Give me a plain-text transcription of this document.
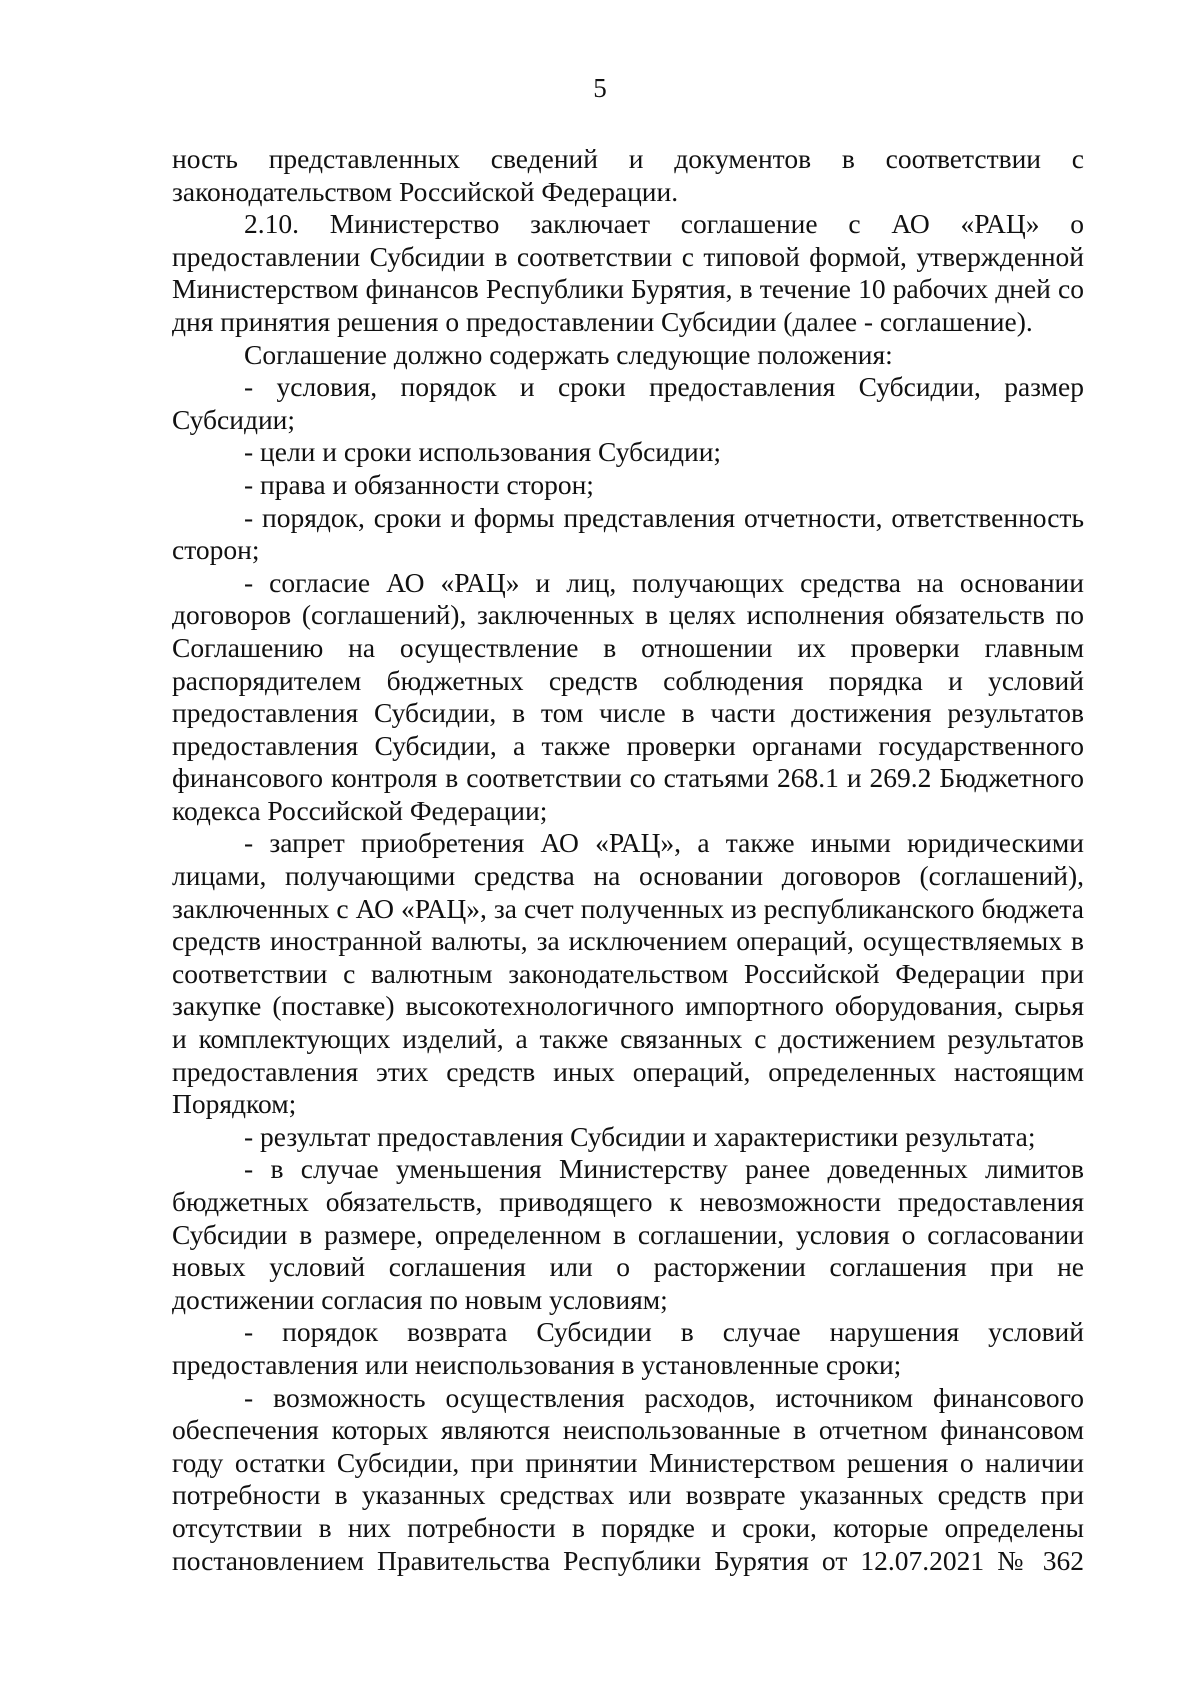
5

ность представленных сведений и документов в соответствии с законодательством Российской Федерации.

2.10. Министерство заключает соглашение с АО «РАЦ» о предоставлении Субсидии в соответствии с типовой формой, утвержденной Министерством финансов Республики Бурятия, в течение 10 рабочих дней со дня принятия решения о предоставлении Субсидии (далее - соглашение).

Соглашение должно содержать следующие положения:

- условия, порядок и сроки предоставления Субсидии, размер Субсидии;

- цели и сроки использования Субсидии;

- права и обязанности сторон;

- порядок, сроки и формы представления отчетности, ответственность сторон;

- согласие АО «РАЦ» и лиц, получающих средства на основании договоров (соглашений), заключенных в целях исполнения обязательств по Соглашению на осуществление в отношении их проверки главным распорядителем бюджетных средств соблюдения порядка и условий предоставления Субсидии, в том числе в части достижения результатов предоставления Субсидии, а также проверки органами государственного финансового контроля в соответствии со статьями 268.1 и 269.2 Бюджетного кодекса Российской Федерации;

- запрет приобретения АО «РАЦ», а также иными юридическими лицами, получающими средства на основании договоров (соглашений), заключенных с АО «РАЦ», за счет полученных из республиканского бюджета средств иностранной валюты, за исключением операций, осуществляемых в соответствии с валютным законодательством Российской Федерации при закупке (поставке) высокотехнологичного импортного оборудования, сырья и комплектующих изделий, а также связанных с достижением результатов предоставления этих средств иных операций, определенных настоящим Порядком;

- результат предоставления Субсидии и характеристики результата;

- в случае уменьшения Министерству ранее доведенных лимитов бюджетных обязательств, приводящего к невозможности предоставления Субсидии в размере, определенном в соглашении, условия о согласовании новых условий соглашения или о расторжении соглашения при не достижении согласия по новым условиям;

- порядок возврата Субсидии в случае нарушения условий предоставления или неиспользования в установленные сроки;

- возможность осуществления расходов, источником финансового обеспечения которых являются неиспользованные в отчетном финансовом году остатки Субсидии, при принятии Министерством решения о наличии потребности в указанных средствах или возврате указанных средств при отсутствии в них потребности в порядке и сроки, которые определены постановлением Правительства Республики Бурятия от 12.07.2021 № 362
